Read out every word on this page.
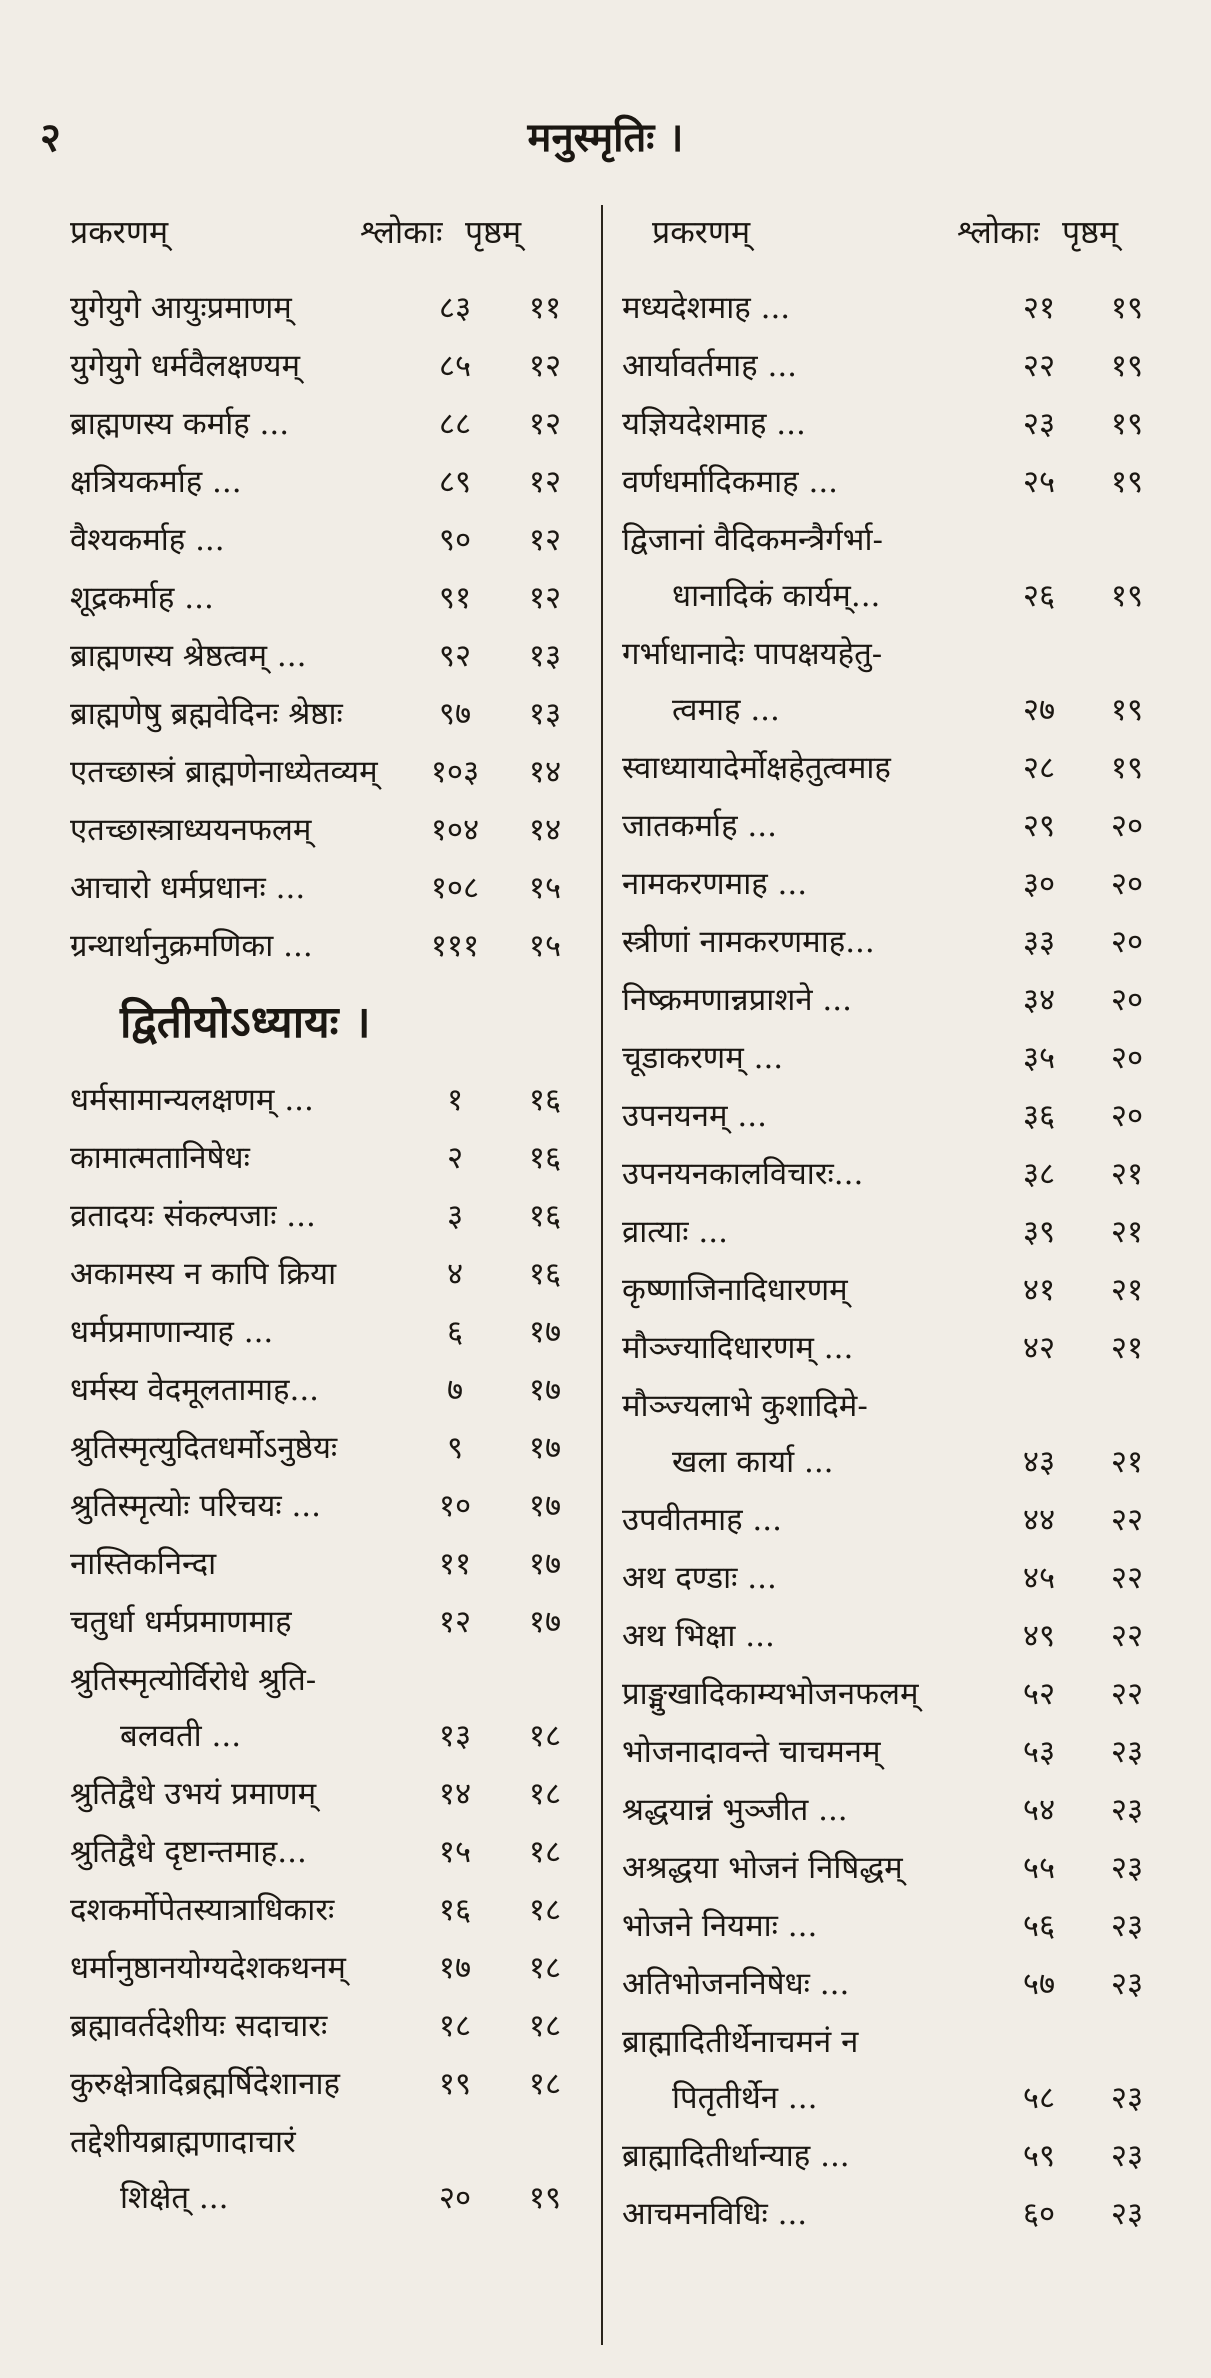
२	मनुस्मृतिः ।
प्रकरणम्	श्लोकाः पृष्ठम्
युगेयुगे आयुःप्रमाणम्	८३	११
युगेयुगे धर्मवैलक्षण्यम्	८५	१२
ब्राह्मणस्य कर्माह ...	८८	१२
क्षत्रियकर्माह ...	८९	१२
वैश्यकर्माह ...	९०	१२
शूद्रकर्माह ...	९१	१२
ब्राह्मणस्य श्रेष्ठत्वम् ...	९२	१३
ब्राह्मणेषु ब्रह्मवेदिनः श्रेष्ठाः	९७	१३
एतच्छास्त्रं ब्राह्मणेनाध्येतव्यम्	१०३	१४
एतच्छास्त्राध्ययनफलम्	१०४	१४
आचारो धर्मप्रधानः ...	१०८	१५
ग्रन्थार्थानुक्रमणिका ...	१११	१५
द्वितीयोऽध्यायः ।
धर्मसामान्यलक्षणम् ...	१	१६
कामात्मतानिषेधः	२	१६
व्रतादयः संकल्पजाः ...	३	१६
अकामस्य न कापि क्रिया	४	१६
धर्मप्रमाणान्याह ...	६	१७
धर्मस्य वेदमूलतामाह...	७	१७
श्रुतिस्मृत्युदितधर्मोऽनुष्ठेयः	९	१७
श्रुतिस्मृत्योः परिचयः ...	१०	१७
नास्तिकनिन्दा	११	१७
चतुर्धा धर्मप्रमाणमाह	१२	१७
श्रुतिस्मृत्योर्विरोधे श्रुति-
बलवती ...	१३	१८
श्रुतिद्वैधे उभयं प्रमाणम्	१४	१८
श्रुतिद्वैधे दृष्टान्तमाह...	१५	१८
दशकर्मोपेतस्यात्राधिकारः	१६	१८
धर्मानुष्ठानयोग्यदेशकथनम्	१७	१८
ब्रह्मावर्तदेशीयः सदाचारः	१८	१८
कुरुक्षेत्रादिब्रह्मर्षिदेशानाह	१९	१८
तद्देशीयब्राह्मणादाचारं
शिक्षेत् ...	२०	१९
प्रकरणम्	श्लोकाः पृष्ठम्
मध्यदेशमाह ...	२१	१९
आर्यावर्तमाह ...	२२	१९
यज्ञियदेशमाह ...	२३	१९
वर्णधर्मादिकमाह ...	२५	१९
द्विजानां वैदिकमन्त्रैर्गर्भा-
धानादिकं कार्यम्...	२६	१९
गर्भाधानादेः पापक्षयहेतु-
त्वमाह ...	२७	१९
स्वाध्यायादेर्मोक्षहेतुत्वमाह	२८	१९
जातकर्माह ...	२९	२०
नामकरणमाह ...	३०	२०
स्त्रीणां नामकरणमाह...	३३	२०
निष्क्रमणान्नप्राशने ...	३४	२०
चूडाकरणम् ...	३५	२०
उपनयनम् ...	३६	२०
उपनयनकालविचारः...	३८	२१
व्रात्याः ...	३९	२१
कृष्णाजिनादिधारणम्	४१	२१
मौञ्ज्यादिधारणम् ...	४२	२१
मौञ्ज्यलाभे कुशादिमे-
खला कार्या ...	४३	२१
उपवीतमाह ...	४४	२२
अथ दण्डाः ...	४५	२२
अथ भिक्षा ...	४९	२२
प्राङ्मुखादिकाम्यभोजनफलम्	५२	२२
भोजनादावन्ते चाचमनम्	५३	२३
श्रद्धयान्नं भुञ्जीत ...	५४	२३
अश्रद्धया भोजनं निषिद्धम्	५५	२३
भोजने नियमाः ...	५६	२३
अतिभोजननिषेधः ...	५७	२३
ब्राह्मादितीर्थेनाचमनं न
पितृतीर्थेन ...	५८	२३
ब्राह्मादितीर्थान्याह ...	५९	२३
आचमनविधिः ...	६०	२३
